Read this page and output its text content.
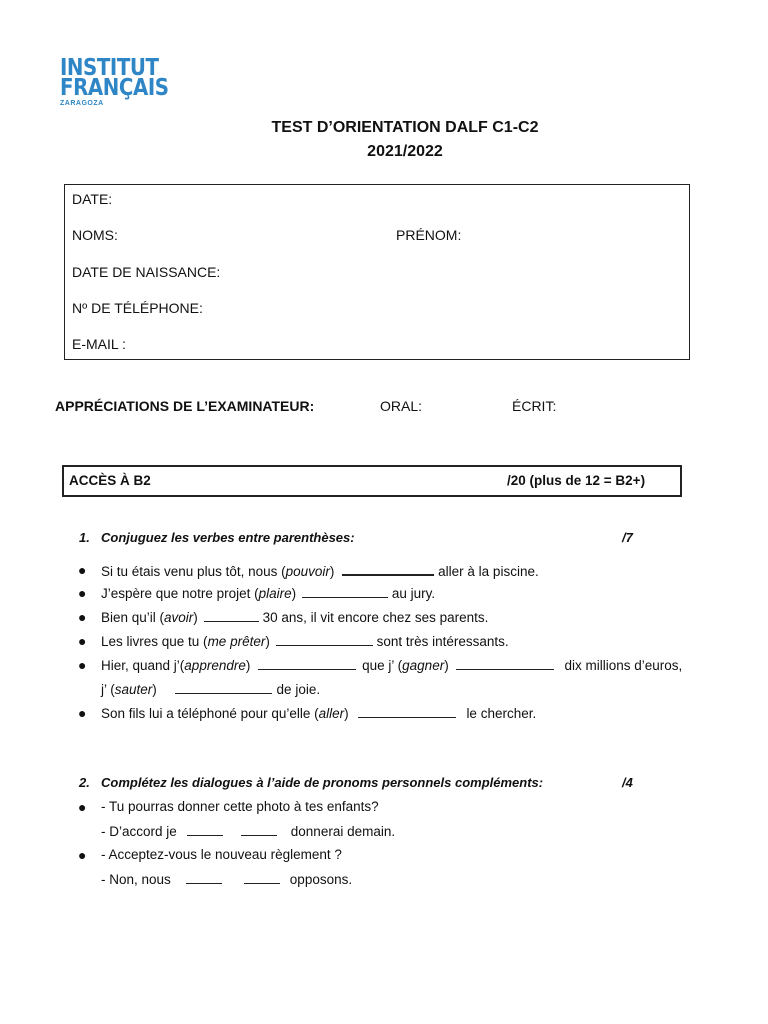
INSTITUT
FRANÇAIS
ZARAGOZA
TEST D’ORIENTATION DALF C1-C2
2021/2022
DATE:
NOMS:	PRÉNOM:
DATE DE NAISSANCE:
Nº DE TÉLÉPHONE:
E-MAIL :
APPRÉCIATIONS DE L’EXAMINATEUR:	ORAL:	ÉCRIT:
ACCÈS À B2	/20 (plus de 12 = B2+)
1. Conjuguez les verbes entre parenthèses:	/7
● Si tu étais venu plus tôt, nous (pouvoir)	aller à la piscine.
● J’espère que notre projet (plaire)	au jury.
● Bien qu’il (avoir)	30 ans, il vit encore chez ses parents.
● Les livres que tu (me prêter)	sont très intéressants.
● Hier, quand j’(apprendre)	que j’ (gagner)	dix millions d’euros,
j’ (sauter)	de joie.
● Son fils lui a téléphoné pour qu’elle (aller)	le chercher.
2. Complétez les dialogues à l’aide de pronoms personnels compléments:	/4
● - Tu pourras donner cette photo à tes enfants?
- D’accord je	donnerai demain.
● - Acceptez-vous le nouveau règlement ?
- Non, nous	opposons.
